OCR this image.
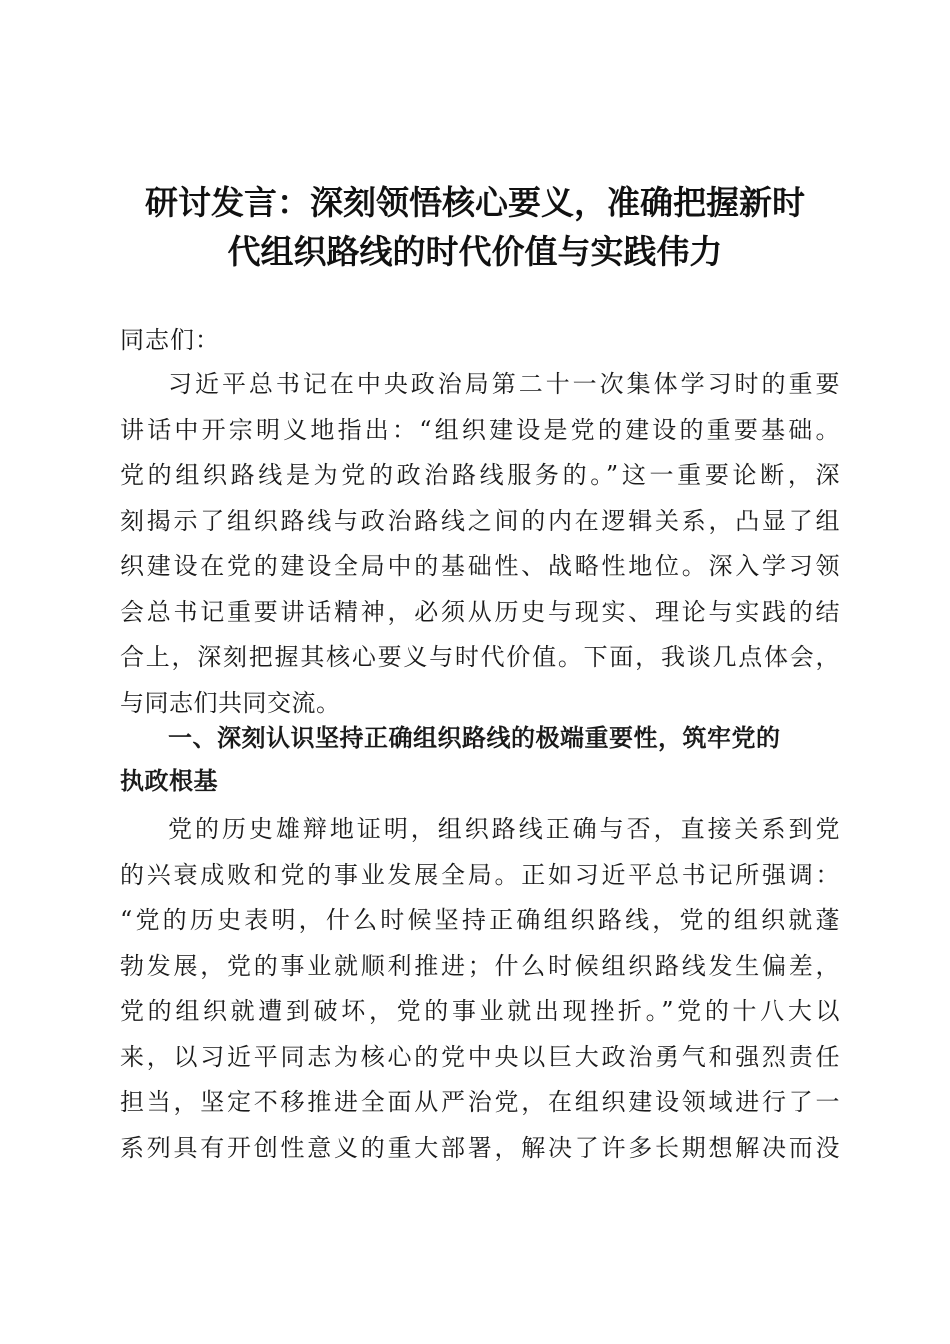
研讨发言：深刻领悟核心要义，准确把握新时
代组织路线的时代价值与实践伟力
同志们：
习近平总书记在中央政治局第二十一次集体学习时的重要
讲话中开宗明义地指出：“组织建设是党的建设的重要基础。
党的组织路线是为党的政治路线服务的。”这一重要论断，深
刻揭示了组织路线与政治路线之间的内在逻辑关系，凸显了组
织建设在党的建设全局中的基础性、战略性地位。深入学习领
会总书记重要讲话精神，必须从历史与现实、理论与实践的结
合上，深刻把握其核心要义与时代价值。下面，我谈几点体会，
与同志们共同交流。
一、深刻认识坚持正确组织路线的极端重要性，筑牢党的
执政根基
党的历史雄辩地证明，组织路线正确与否，直接关系到党
的兴衰成败和党的事业发展全局。正如习近平总书记所强调：
“党的历史表明，什么时候坚持正确组织路线，党的组织就蓬
勃发展，党的事业就顺利推进；什么时候组织路线发生偏差，
党的组织就遭到破坏，党的事业就出现挫折。”党的十八大以
来，以习近平同志为核心的党中央以巨大政治勇气和强烈责任
担当，坚定不移推进全面从严治党，在组织建设领域进行了一
系列具有开创性意义的重大部署，解决了许多长期想解决而没
